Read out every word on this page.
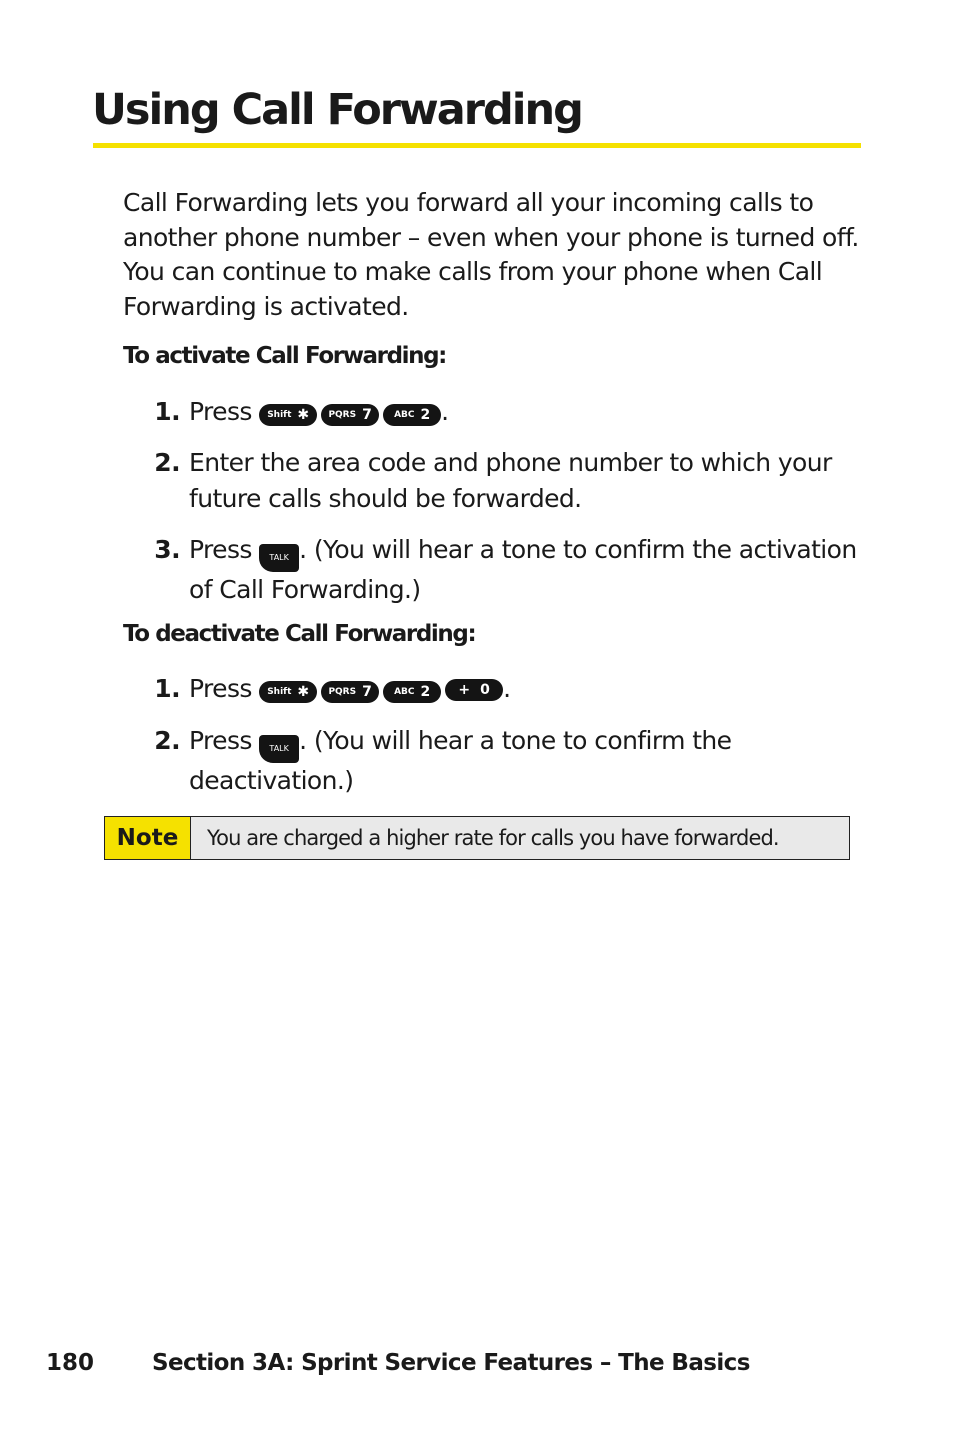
Using Call Forwarding

Call Forwarding lets you forward all your incoming calls to another phone number – even when your phone is turned off. You can continue to make calls from your phone when Call Forwarding is activated.

To activate Call Forwarding:
1. Press Shift ✱ PQRS 7 ABC 2 .
2. Enter the area code and phone number to which your future calls should be forwarded.
3. Press TALK . (You will hear a tone to confirm the activation of Call Forwarding.)
To deactivate Call Forwarding:
1. Press Shift ✱ PQRS 7 ABC 2 + 0 .
2. Press TALK . (You will hear a tone to confirm the deactivation.)
Note	You are charged a higher rate for calls you have forwarded.
180	Section 3A: Sprint Service Features – The Basics
